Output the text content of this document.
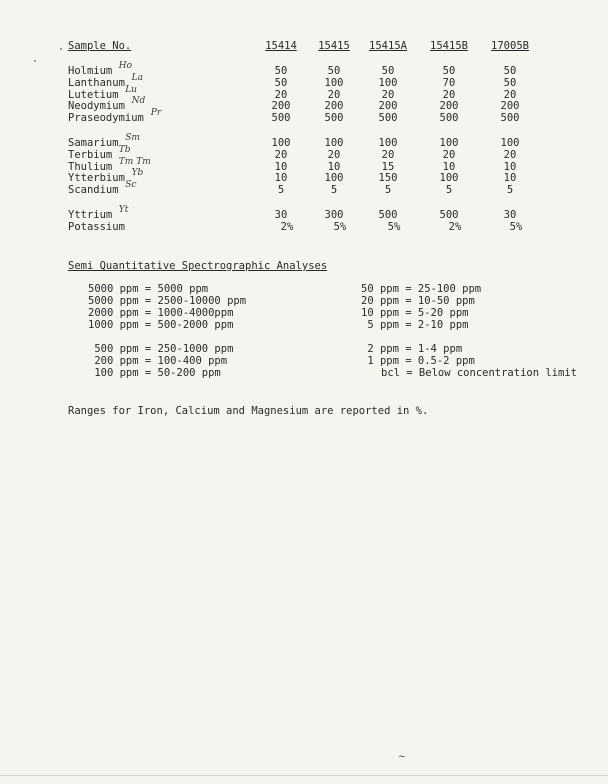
Sample No.	15414	15415	15415A	15415B	17005B
Holmium Ho	50	50	50	50	50
Lanthanum La	50	100	100	70	50
Lutetium Lu	20	20	20	20	20
Neodymium Nd	200	200	200	200	200
Praseodymium Pr	500	500	500	500	500
Samarium Sm	100	100	100	100	100
Terbium Tb	20	20	20	20	20
Thulium Tm Tm	10	10	15	10	10
Ytterbium Yb	10	100	150	100	10
Scandium Sc	5	5	5	5	5
Yttrium Yt	30	300	500	500	30
Potassium	2%	5%	5%	2%	5%
Semi Quantitative Spectrographic Analyses
5000 ppm = 5000 ppm
5000 ppm = 2500-10000 ppm
2000 ppm = 1000-4000ppm
1000 ppm = 500-2000 ppm
500 ppm = 250-1000 ppm
200 ppm = 100-400 ppm
100 ppm = 50-200 ppm
50 ppm = 25-100 ppm
20 ppm = 10-50 ppm
10 ppm = 5-20 ppm
5 ppm = 2-10 ppm
2 ppm = 1-4 ppm
1 ppm = 0.5-2 ppm
bcl = Below concentration limit
Ranges for Iron, Calcium and Magnesium are reported in %.
~
